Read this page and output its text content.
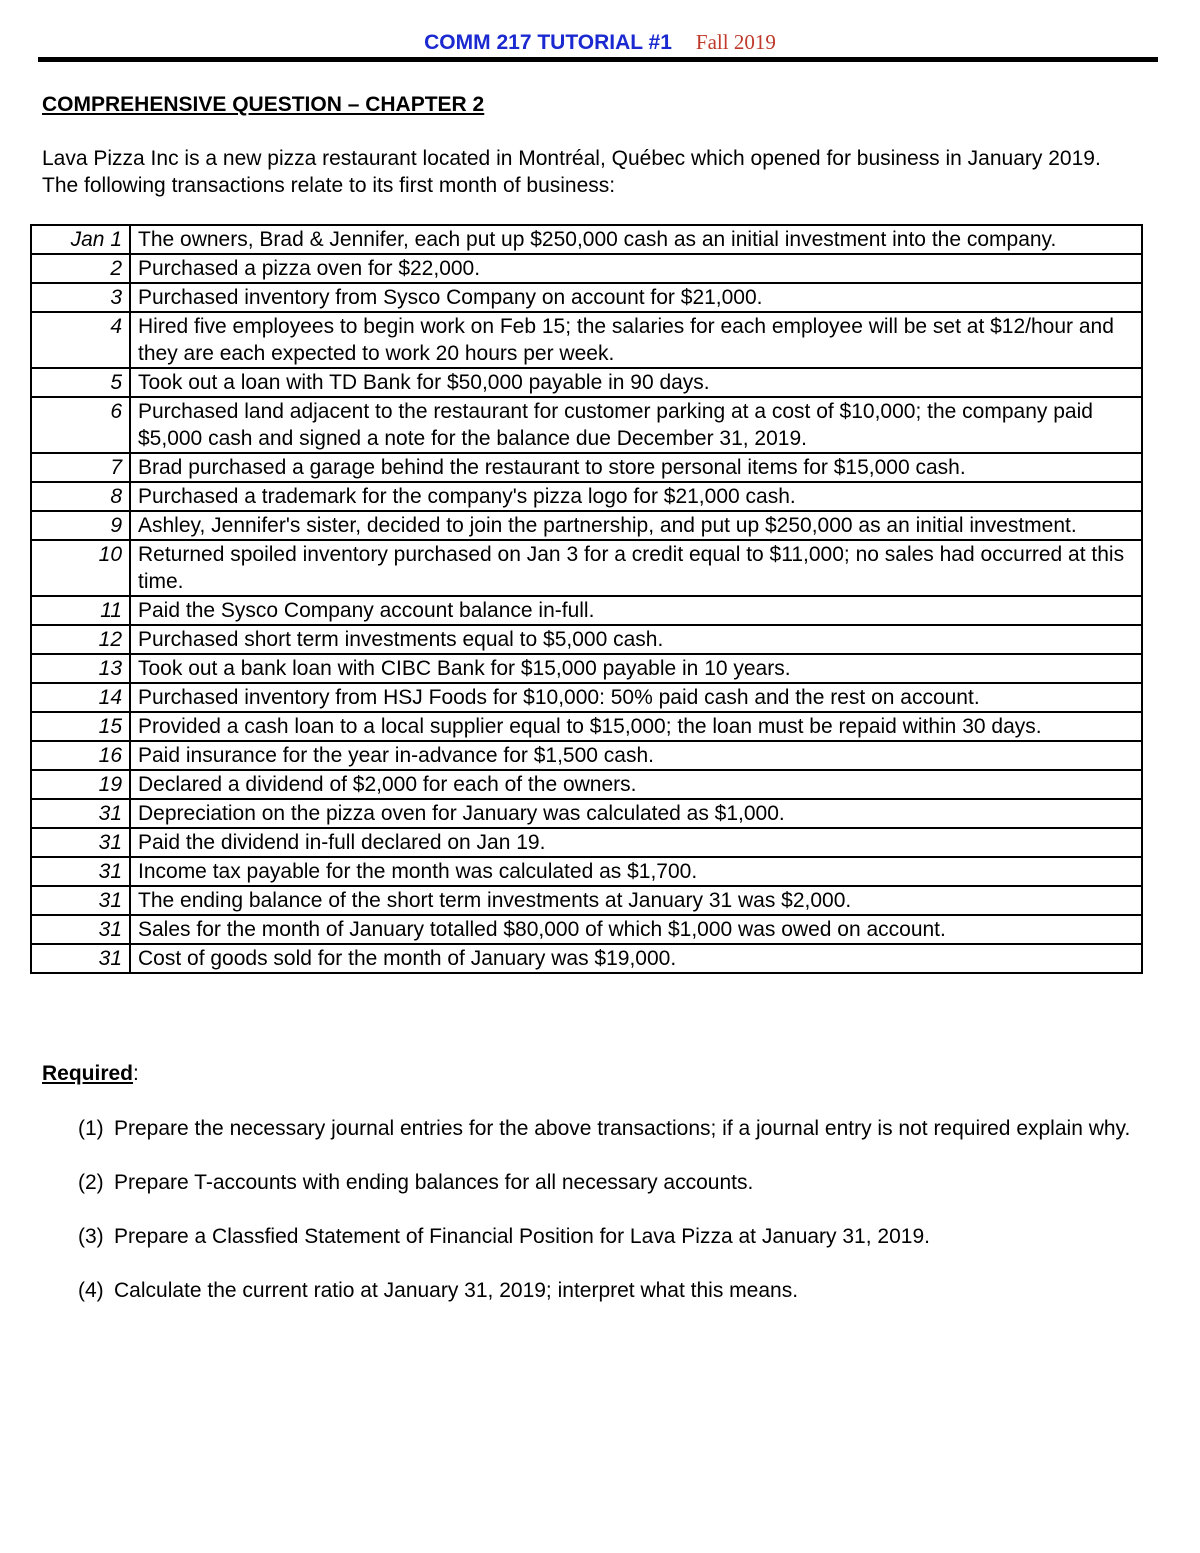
COMM 217 TUTORIAL #1 Fall 2019
COMPREHENSIVE QUESTION – CHAPTER 2
Lava Pizza Inc is a new pizza restaurant located in Montréal, Québec which opened for business in January 2019. The following transactions relate to its first month of business:
Jan 1	The owners, Brad & Jennifer, each put up $250,000 cash as an initial investment into the company.
2	Purchased a pizza oven for $22,000.
3	Purchased inventory from Sysco Company on account for $21,000.
4	Hired five employees to begin work on Feb 15; the salaries for each employee will be set at $12/hour and they are each expected to work 20 hours per week.
5	Took out a loan with TD Bank for $50,000 payable in 90 days.
6	Purchased land adjacent to the restaurant for customer parking at a cost of $10,000; the company paid $5,000 cash and signed a note for the balance due December 31, 2019.
7	Brad purchased a garage behind the restaurant to store personal items for $15,000 cash.
8	Purchased a trademark for the company's pizza logo for $21,000 cash.
9	Ashley, Jennifer's sister, decided to join the partnership, and put up $250,000 as an initial investment.
10	Returned spoiled inventory purchased on Jan 3 for a credit equal to $11,000; no sales had occurred at this time.
11	Paid the Sysco Company account balance in-full.
12	Purchased short term investments equal to $5,000 cash.
13	Took out a bank loan with CIBC Bank for $15,000 payable in 10 years.
14	Purchased inventory from HSJ Foods for $10,000: 50% paid cash and the rest on account.
15	Provided a cash loan to a local supplier equal to $15,000; the loan must be repaid within 30 days.
16	Paid insurance for the year in-advance for $1,500 cash.
19	Declared a dividend of $2,000 for each of the owners.
31	Depreciation on the pizza oven for January was calculated as $1,000.
31	Paid the dividend in-full declared on Jan 19.
31	Income tax payable for the month was calculated as $1,700.
31	The ending balance of the short term investments at January 31 was $2,000.
31	Sales for the month of January totalled $80,000 of which $1,000 was owed on account.
31	Cost of goods sold for the month of January was $19,000.
Required:
(1) Prepare the necessary journal entries for the above transactions; if a journal entry is not required explain why.
(2) Prepare T-accounts with ending balances for all necessary accounts.
(3) Prepare a Classfied Statement of Financial Position for Lava Pizza at January 31, 2019.
(4) Calculate the current ratio at January 31, 2019; interpret what this means.
